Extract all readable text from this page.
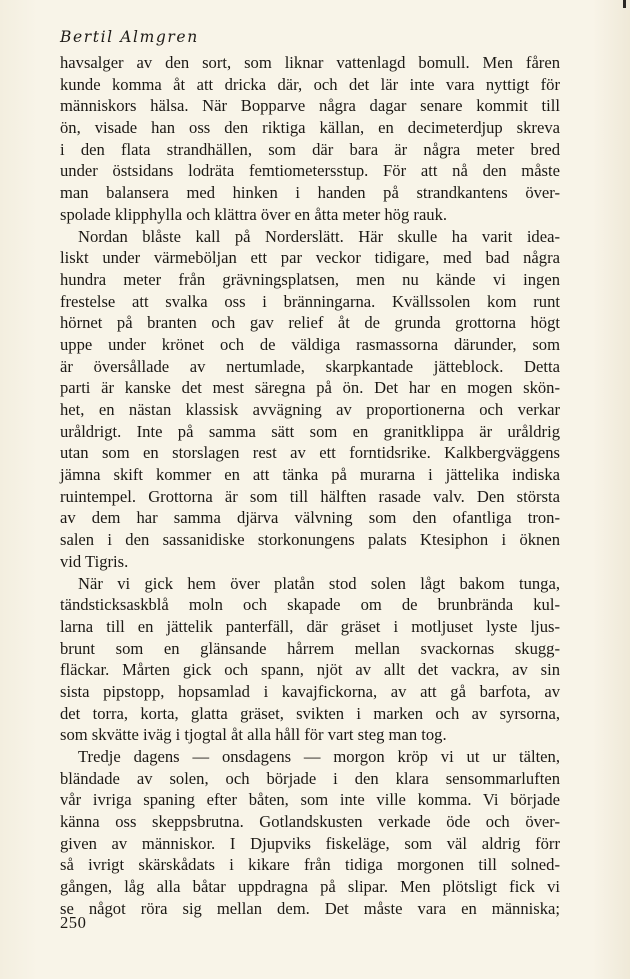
Bertil Almgren
havsalger av den sort, som liknar vattenlagd bomull. Men fåren
kunde komma åt att dricka där, och det lär inte vara nyttigt för
människors hälsa. När Bopparve några dagar senare kommit till
ön, visade han oss den riktiga källan, en decimeterdjup skreva
i den flata strandhällen, som där bara är några meter bred
under östsidans lodräta femtiometersstup. För att nå den måste
man balansera med hinken i handen på strandkantens över-
spolade klipphylla och klättra över en åtta meter hög rauk.
Nordan blåste kall på Norderslätt. Här skulle ha varit idea-
liskt under värmeböljan ett par veckor tidigare, med bad några
hundra meter från grävningsplatsen, men nu kände vi ingen
frestelse att svalka oss i bränningarna. Kvällssolen kom runt
hörnet på branten och gav relief åt de grunda grottorna högt
uppe under krönet och de väldiga rasmassorna därunder, som
är översållade av nertumlade, skarpkantade jätteblock. Detta
parti är kanske det mest säregna på ön. Det har en mogen skön-
het, en nästan klassisk avvägning av proportionerna och verkar
uråldrigt. Inte på samma sätt som en granitklippa är uråldrig
utan som en storslagen rest av ett forntidsrike. Kalkbergväggens
jämna skift kommer en att tänka på murarna i jättelika indiska
ruintempel. Grottorna är som till hälften rasade valv. Den största
av dem har samma djärva välvning som den ofantliga tron-
salen i den sassanidiske storkonungens palats Ktesiphon i öknen
vid Tigris.
När vi gick hem över platån stod solen lågt bakom tunga,
tändsticksaskblå moln och skapade om de brunbrända kul-
larna till en jättelik panterfäll, där gräset i motljuset lyste ljus-
brunt som en glänsande hårrem mellan svackornas skugg-
fläckar. Mårten gick och spann, njöt av allt det vackra, av sin
sista pipstopp, hopsamlad i kavajfickorna, av att gå barfota, av
det torra, korta, glatta gräset, svikten i marken och av syrsorna,
som skvätte iväg i tjogtal åt alla håll för vart steg man tog.
Tredje dagens — onsdagens — morgon kröp vi ut ur tälten,
bländade av solen, och började i den klara sensommarluften
vår ivriga spaning efter båten, som inte ville komma. Vi började
känna oss skeppsbrutna. Gotlandskusten verkade öde och över-
given av människor. I Djupviks fiskeläge, som väl aldrig förr
så ivrigt skärskådats i kikare från tidiga morgonen till solned-
gången, låg alla båtar uppdragna på slipar. Men plötsligt fick vi
se något röra sig mellan dem. Det måste vara en människa;
250
